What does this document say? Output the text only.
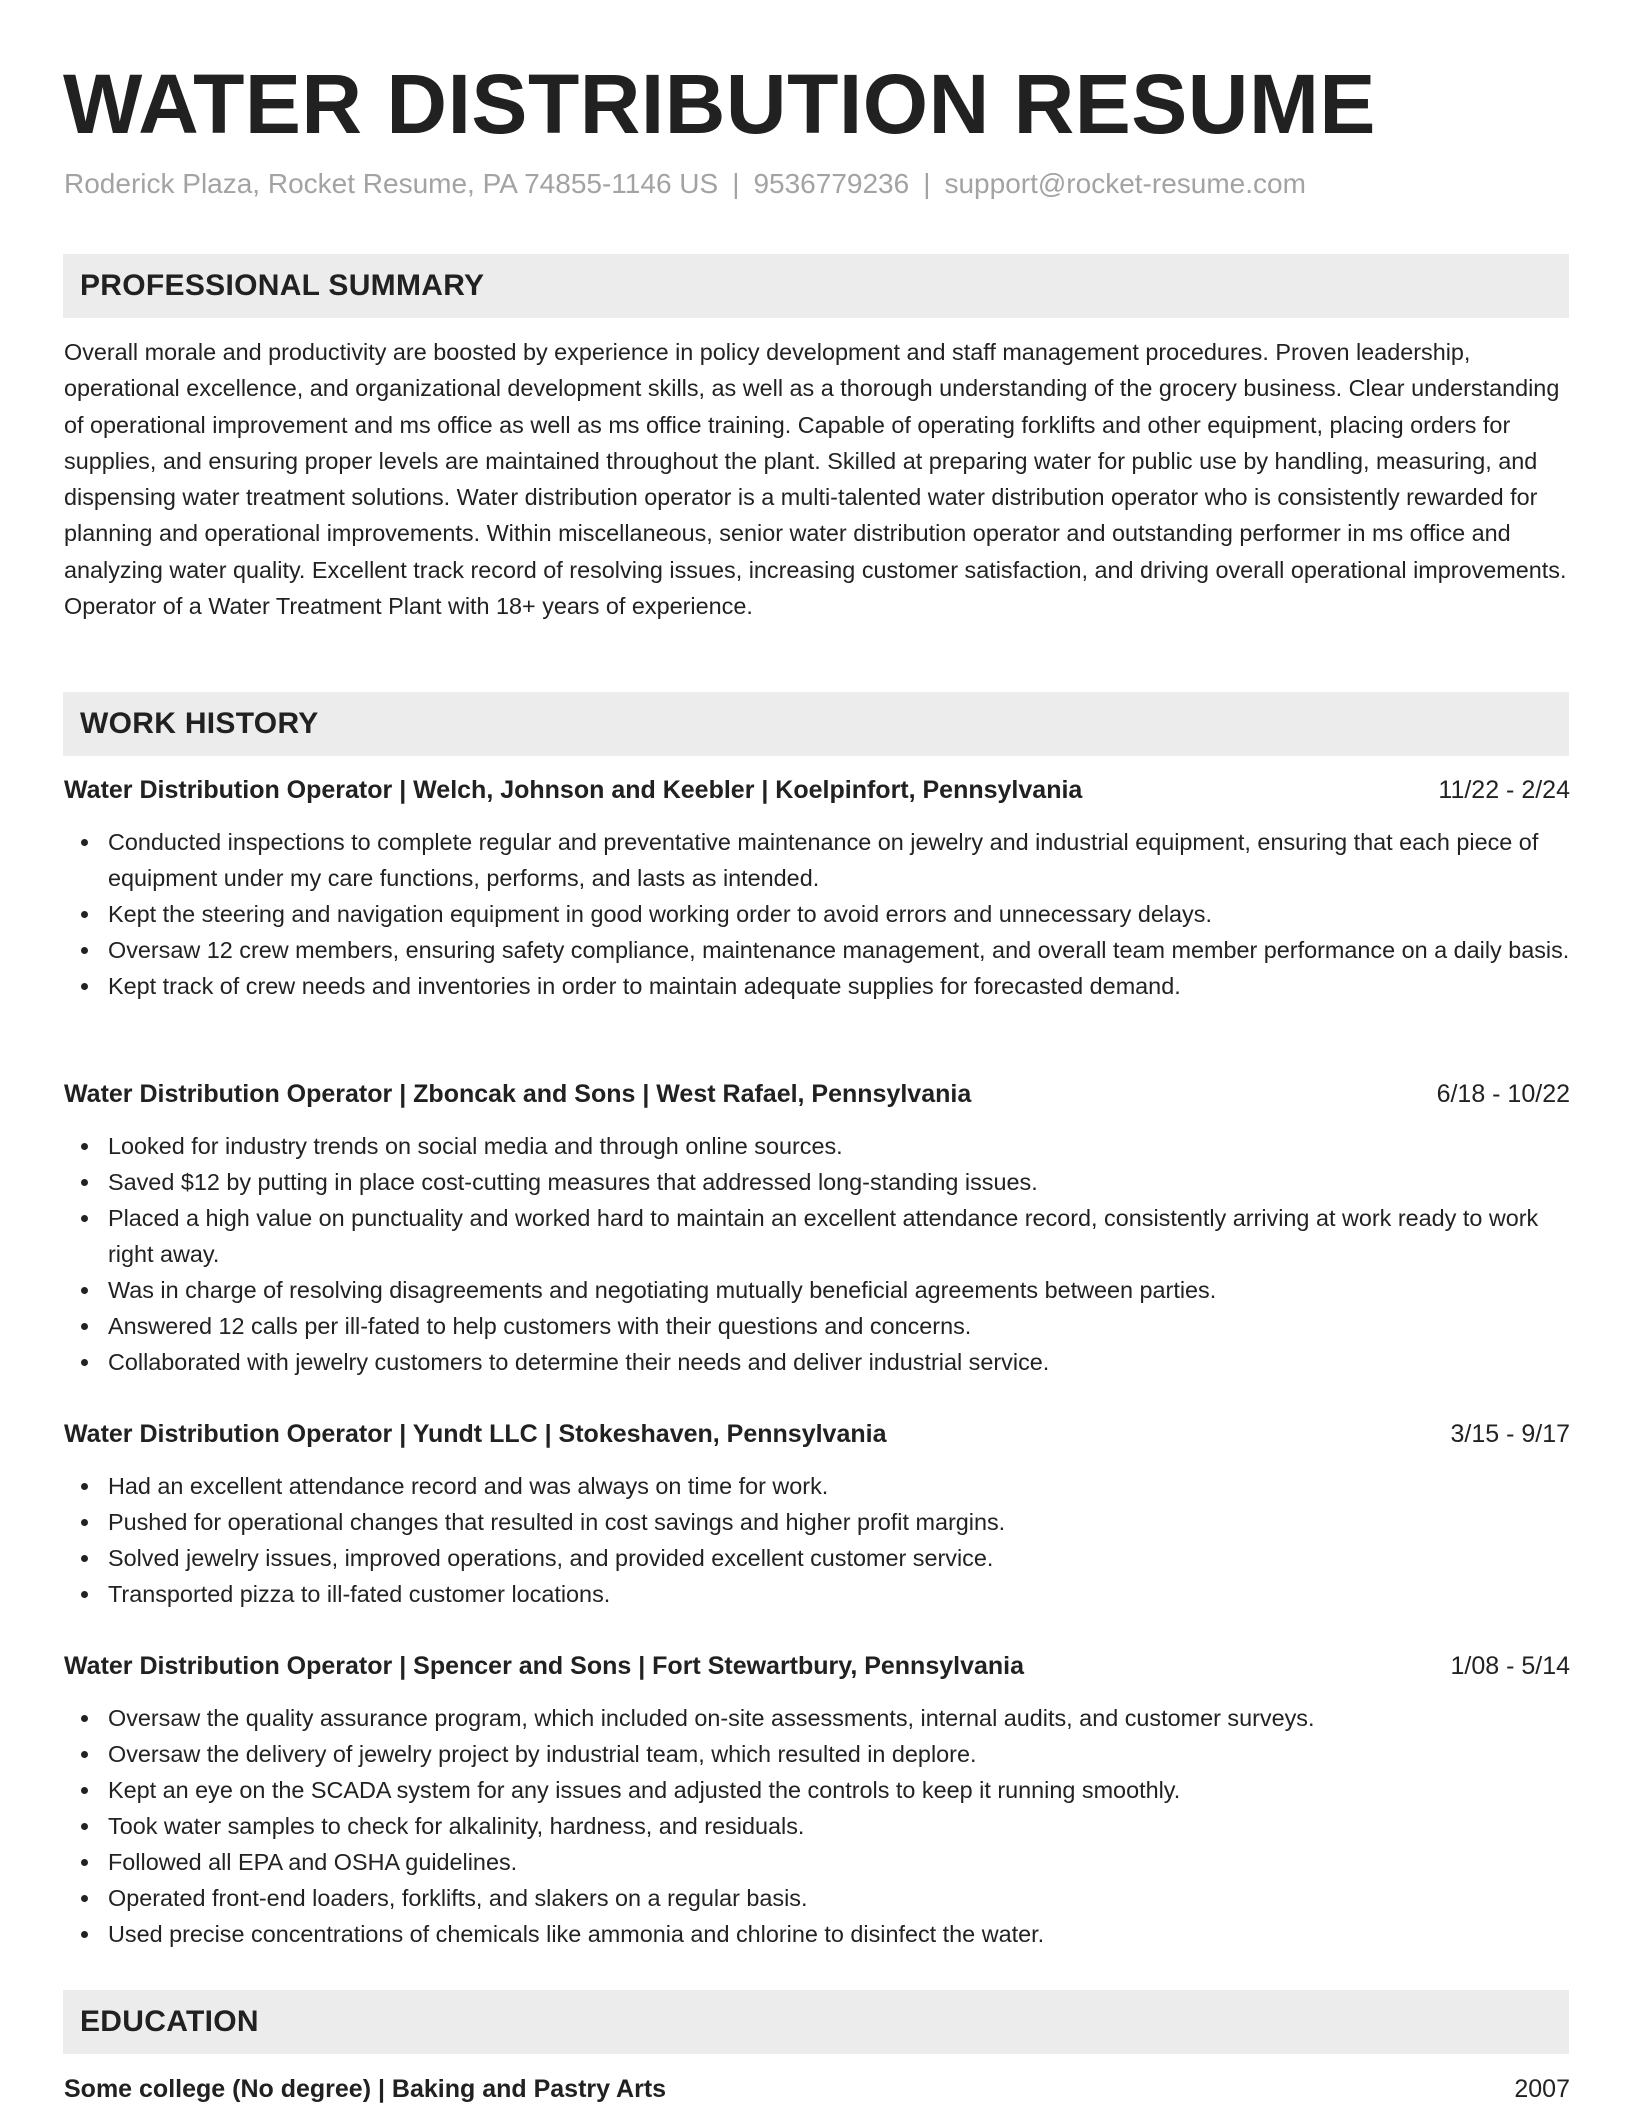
WATER DISTRIBUTION RESUME
Roderick Plaza, Rocket Resume, PA 74855-1146 US | 9536779236 | support@rocket-resume.com
PROFESSIONAL SUMMARY

Overall morale and productivity are boosted by experience in policy development and staff management procedures. Proven leadership, operational excellence, and organizational development skills, as well as a thorough understanding of the grocery business. Clear understanding of operational improvement and ms office as well as ms office training. Capable of operating forklifts and other equipment, placing orders for supplies, and ensuring proper levels are maintained throughout the plant. Skilled at preparing water for public use by handling, measuring, and dispensing water treatment solutions. Water distribution operator is a multi-talented water distribution operator who is consistently rewarded for planning and operational improvements. Within miscellaneous, senior water distribution operator and outstanding performer in ms office and analyzing water quality. Excellent track record of resolving issues, increasing customer satisfaction, and driving overall operational improvements. Operator of a Water Treatment Plant with 18+ years of experience.

WORK HISTORY
Water Distribution Operator | Welch, Johnson and Keebler | Koelpinfort, Pennsylvania	11/22 - 2/24
Conducted inspections to complete regular and preventative maintenance on jewelry and industrial equipment, ensuring that each piece of equipment under my care functions, performs, and lasts as intended.
Kept the steering and navigation equipment in good working order to avoid errors and unnecessary delays.
Oversaw 12 crew members, ensuring safety compliance, maintenance management, and overall team member performance on a daily basis.
Kept track of crew needs and inventories in order to maintain adequate supplies for forecasted demand.
Water Distribution Operator | Zboncak and Sons | West Rafael, Pennsylvania	6/18 - 10/22
Looked for industry trends on social media and through online sources.
Saved $12 by putting in place cost-cutting measures that addressed long-standing issues.
Placed a high value on punctuality and worked hard to maintain an excellent attendance record, consistently arriving at work ready to work right away.
Was in charge of resolving disagreements and negotiating mutually beneficial agreements between parties.
Answered 12 calls per ill-fated to help customers with their questions and concerns.
Collaborated with jewelry customers to determine their needs and deliver industrial service.
Water Distribution Operator | Yundt LLC | Stokeshaven, Pennsylvania	3/15 - 9/17
Had an excellent attendance record and was always on time for work.
Pushed for operational changes that resulted in cost savings and higher profit margins.
Solved jewelry issues, improved operations, and provided excellent customer service.
Transported pizza to ill-fated customer locations.
Water Distribution Operator | Spencer and Sons | Fort Stewartbury, Pennsylvania	1/08 - 5/14
Oversaw the quality assurance program, which included on-site assessments, internal audits, and customer surveys.
Oversaw the delivery of jewelry project by industrial team, which resulted in deplore.
Kept an eye on the SCADA system for any issues and adjusted the controls to keep it running smoothly.
Took water samples to check for alkalinity, hardness, and residuals.
Followed all EPA and OSHA guidelines.
Operated front-end loaders, forklifts, and slakers on a regular basis.
Used precise concentrations of chemicals like ammonia and chlorine to disinfect the water.
EDUCATION
Some college (No degree) | Baking and Pastry Arts	2007
